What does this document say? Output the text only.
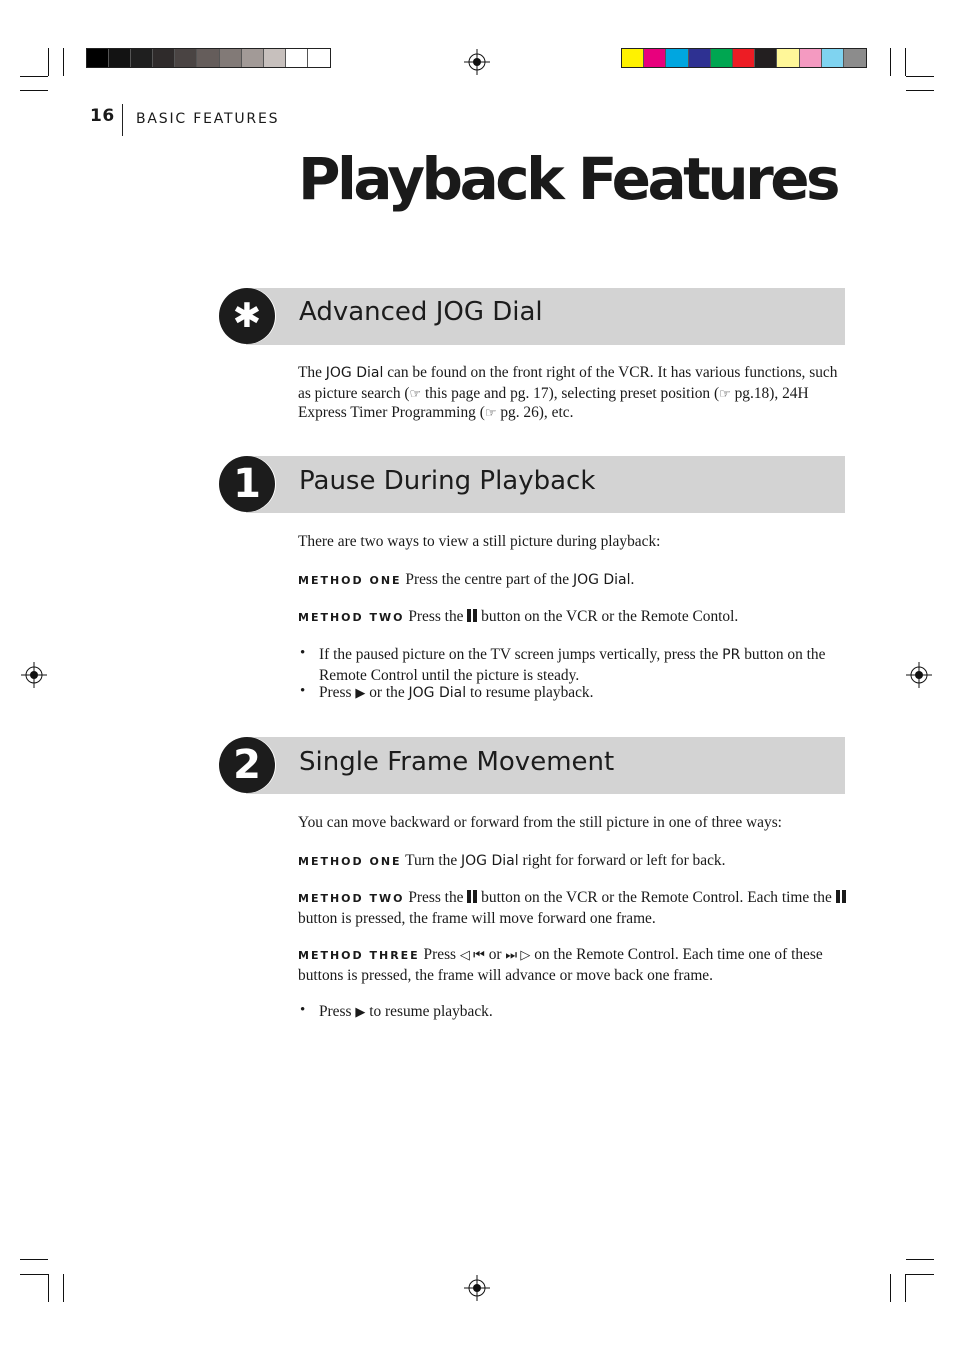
16 BASIC FEATURES
Playback Features
✱	Advanced JOG Dial
The JOG Dial can be found on the front right of the VCR. It has various functions, such as picture search (☞ this page and pg. 17), selecting preset position (☞ pg.18), 24H Express Timer Programming (☞ pg. 26), etc.
1	Pause During Playback
There are two ways to view a still picture during playback:
METHOD ONE Press the centre part of the JOG Dial.
METHOD TWO Press the  button on the VCR or the Remote Contol.
• If the paused picture on the TV screen jumps vertically, press the PR button on the Remote Control until the picture is steady.
• Press ▶ or the JOG Dial to resume playback.
2	Single Frame Movement
You can move backward or forward from the still picture in one of three ways:
METHOD ONE Turn the JOG Dial right for forward or left for back.
METHOD TWO Press the  button on the VCR or the Remote Control. Each time the  button is pressed, the frame will move forward one frame.
METHOD THREE Press ◁ ⏮ or ⏭ ▷ on the Remote Control. Each time one of these buttons is pressed, the frame will advance or move back one frame.
• Press ▶ to resume playback.
